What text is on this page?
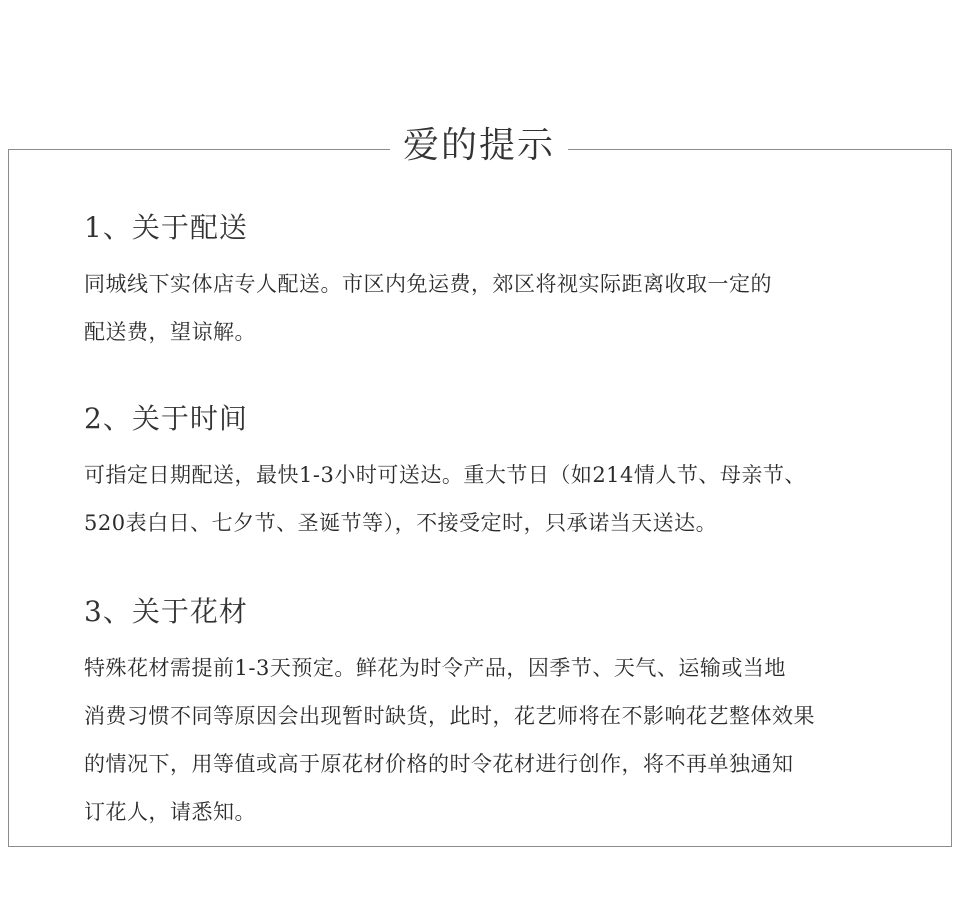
爱的提示
1、关于配送
同城线下实体店专人配送。市区内免运费，郊区将视实际距离收取一定的
配送费，望谅解。
2、关于时间
可指定日期配送，最快1-3小时可送达。重大节日（如214情人节、母亲节、
520表白日、七夕节、圣诞节等），不接受定时，只承诺当天送达。
3、关于花材
特殊花材需提前1-3天预定。鲜花为时令产品，因季节、天气、运输或当地
消费习惯不同等原因会出现暂时缺货，此时，花艺师将在不影响花艺整体效果
的情况下，用等值或高于原花材价格的时令花材进行创作，将不再单独通知
订花人，请悉知。
